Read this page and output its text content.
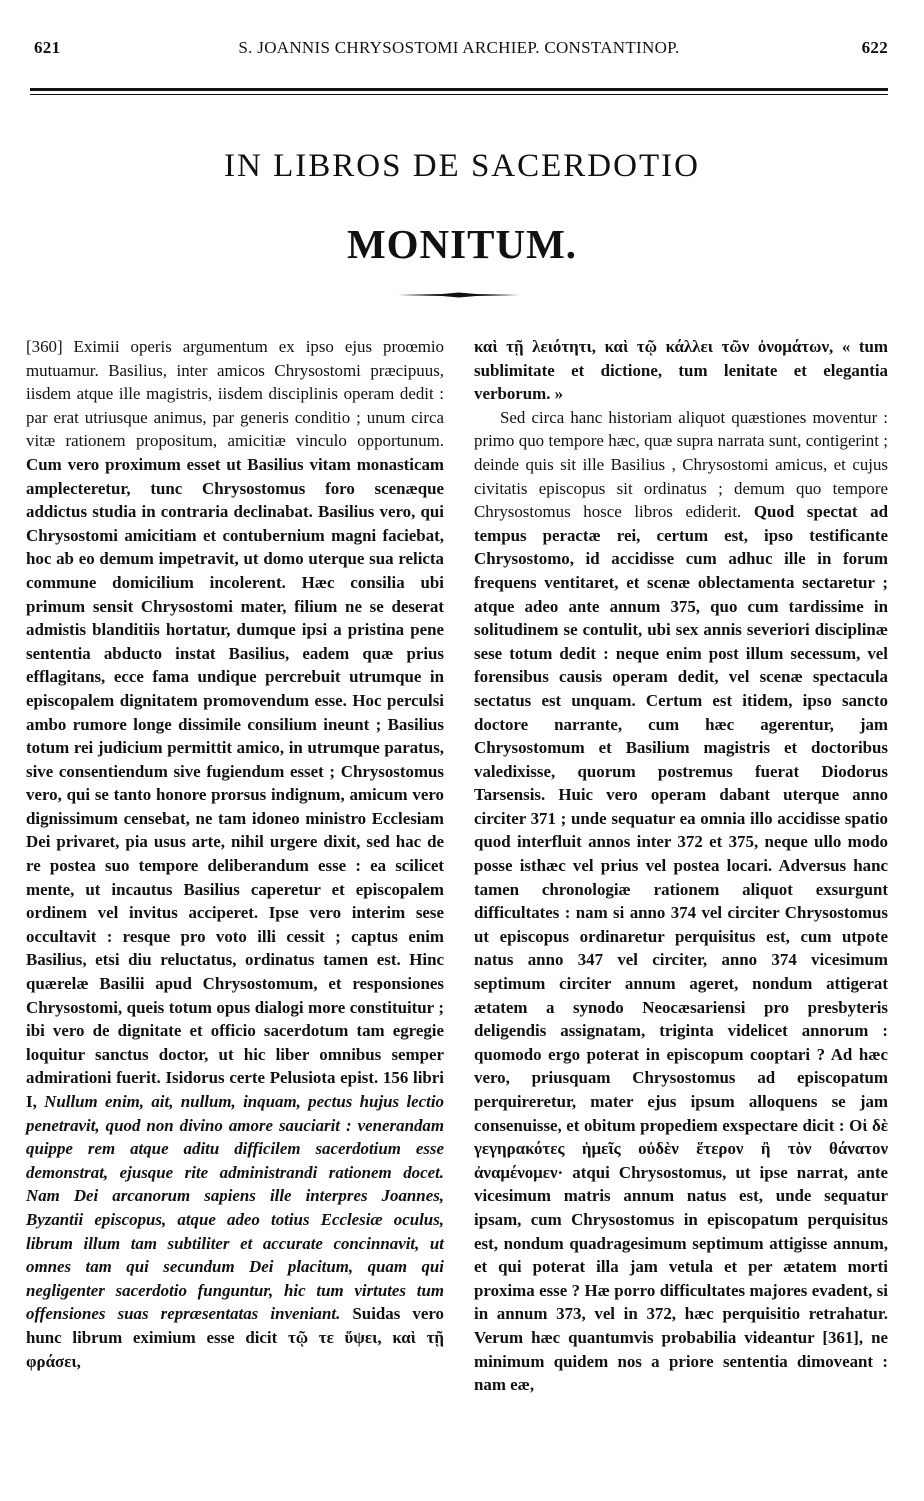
621	S. JOANNIS CHRYSOSTOMI ARCHIEP. CONSTANTINOP.	622
IN LIBROS DE SACERDOTIO
MONITUM.

[360] Eximii operis argumentum ex ipso ejus proœmio mutuamur. Basilius, inter amicos Chrysostomi præcipuus, iisdem atque ille magistris, iisdem disciplinis operam dedit : par erat utriusque animus, par generis conditio ; unum circa vitæ rationem propositum, amicitiæ vinculo opportunum. Cum vero proximum esset ut Basilius vitam monasticam amplecteretur, tunc Chrysostomus foro scenæque addictus studia in contraria declinabat. Basilius vero, qui Chrysostomi amicitiam et contubernium magni faciebat, hoc ab eo demum impetravit, ut domo uterque sua relicta commune domicilium incolerent. Hæc consilia ubi primum sensit Chrysostomi mater, filium ne se deserat admistis blanditiis hortatur, dumque ipsi a pristina pene sententia abducto instat Basilius, eadem quæ prius efflagitans, ecce fama undique percrebuit utrumque in episcopalem dignitatem promovendum esse. Hoc perculsi ambo rumore longe dissimile consilium ineunt ; Basilius totum rei judicium permittit amico, in utrumque paratus, sive consentiendum sive fugiendum esset ; Chrysostomus vero, qui se tanto honore prorsus indignum, amicum vero dignissimum censebat, ne tam idoneo ministro Ecclesiam Dei privaret, pia usus arte, nihil urgere dixit, sed hac de re postea suo tempore deliberandum esse : ea scilicet mente, ut incautus Basilius caperetur et episcopalem ordinem vel invitus acciperet. Ipse vero interim sese occultavit : resque pro voto illi cessit ; captus enim Basilius, etsi diu reluctatus, ordinatus tamen est. Hinc quærelæ Basilii apud Chrysostomum, et responsiones Chrysostomi, queis totum opus dialogi more constituitur ; ibi vero de dignitate et officio sacerdotum tam egregie loquitur sanctus doctor, ut hic liber omnibus semper admirationi fuerit. Isidorus certe Pelusiota epist. 156 libri I, Nullum enim, ait, nullum, inquam, pectus hujus lectio penetravit, quod non divino amore sauciarit : venerandam quippe rem atque aditu difficilem sacerdotium esse demonstrat, ejusque rite administrandi rationem docet. Nam Dei arcanorum sapiens ille interpres Joannes, Byzantii episcopus, atque adeo totius Ecclesiæ oculus, librum illum tam subtiliter et accurate concinnavit, ut omnes tam qui secundum Dei placitum, quam qui negligenter sacerdotio funguntur, hic tum virtutes tum offensiones suas repræsentatas inveniant. Suidas vero hunc librum eximium esse dicit τῷ τε ὕψει, καὶ τῇ φράσει,

καὶ τῇ λειότητι, καὶ τῷ κάλλει τῶν ὀνομάτων, « tum sublimitate et dictione, tum lenitate et elegantia verborum. »

Sed circa hanc historiam aliquot quæstiones moventur : primo quo tempore hæc, quæ supra narrata sunt, contigerint ; deinde quis sit ille Basilius , Chrysostomi amicus, et cujus civitatis episcopus sit ordinatus ; demum quo tempore Chrysostomus hosce libros ediderit. Quod spectat ad tempus peractæ rei, certum est, ipso testificante Chrysostomo, id accidisse cum adhuc ille in forum frequens ventitaret, et scenæ oblectamenta sectaretur ; atque adeo ante annum 375, quo cum tardissime in solitudinem se contulit, ubi sex annis severiori disciplinæ sese totum dedit : neque enim post illum secessum, vel forensibus causis operam dedit, vel scenæ spectacula sectatus est unquam. Certum est itidem, ipso sancto doctore narrante, cum hæc agerentur, jam Chrysostomum et Basilium magistris et doctoribus valedixisse, quorum postremus fuerat Diodorus Tarsensis. Huic vero operam dabant uterque anno circiter 371 ; unde sequatur ea omnia illo accidisse spatio quod interfluit annos inter 372 et 375, neque ullo modo posse isthæc vel prius vel postea locari. Adversus hanc tamen chronologiæ rationem aliquot exsurgunt difficultates : nam si anno 374 vel circiter Chrysostomus ut episcopus ordinaretur perquisitus est, cum utpote natus anno 347 vel circiter, anno 374 vicesimum septimum circiter annum ageret, nondum attigerat ætatem a synodo Neocæsariensi pro presbyteris deligendis assignatam, triginta videlicet annorum : quomodo ergo poterat in episcopum cooptari ? Ad hæc vero, priusquam Chrysostomus ad episcopatum perquireretur, mater ejus ipsum alloquens se jam consenuisse, et obitum propediem exspectare dicit : Οἱ δὲ γεγηρακότες ἡμεῖς οὐδὲν ἕτερον ἢ τὸν θάνατον ἀναμένομεν· atqui Chrysostomus, ut ipse narrat, ante vicesimum matris annum natus est, unde sequatur ipsam, cum Chrysostomus in episcopatum perquisitus est, nondum quadragesimum septimum attigisse annum, et qui poterat illa jam vetula et per ætatem morti proxima esse ? Hæ porro difficultates majores evadent, si in annum 373, vel in 372, hæc perquisitio retrahatur. Verum hæc quantumvis probabilia videantur [361], ne minimum quidem nos a priore sententia dimoveant : nam eæ,
